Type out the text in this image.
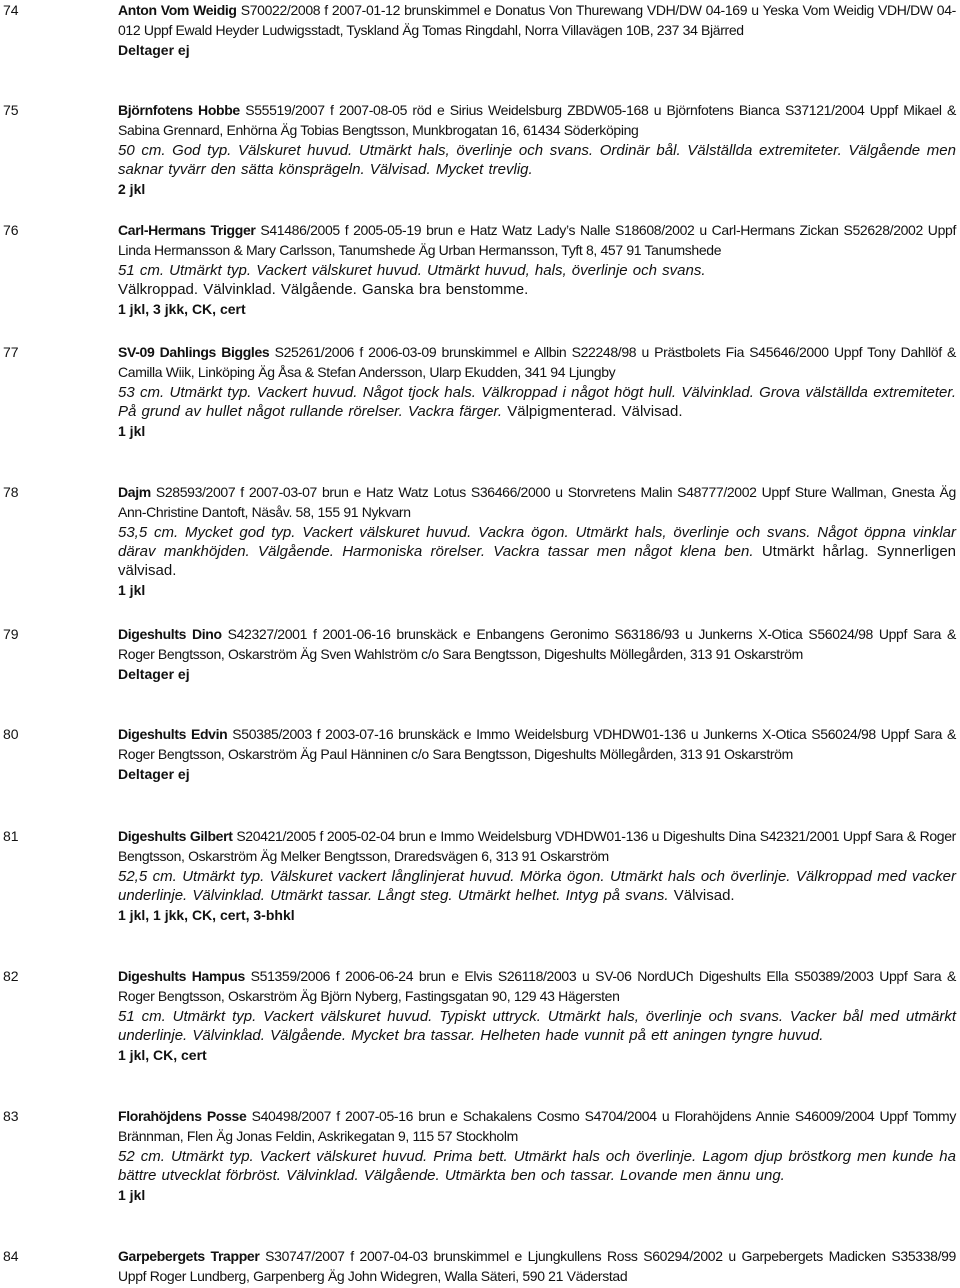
74	Anton Vom Weidig S70022/2008 f 2007-01-12 brunskimmel e Donatus Von Thurewang VDH/DW 04-169 u Yeska Vom Weidig VDH/DW 04-012 Uppf Ewald Heyder Ludwigsstadt, Tyskland Äg Tomas Ringdahl, Norra Villavägen 10B, 237 34 Bjärred
Deltager ej
75	Björnfotens Hobbe S55519/2007 f 2007-08-05 röd e Sirius Weidelsburg ZBDW05-168 u Björnfotens Bianca S37121/2004 Uppf Mikael & Sabina Grennard, Enhörna Äg Tobias Bengtsson, Munkbrogatan 16, 61434 Söderköping
50 cm. God typ. Välskuret huvud. Utmärkt hals, överlinje och svans. Ordinär bål. Välställda extremiteter. Välgående men saknar tyvärr den sätta könsprägeln. Välvisad. Mycket trevlig.
2 jkl
76	Carl-Hermans Trigger S41486/2005 f 2005-05-19 brun e Hatz Watz Lady’s Nalle S18608/2002 u Carl-Hermans Zickan S52628/2002 Uppf Linda Hermansson & Mary Carlsson, Tanumshede Äg Urban Hermansson, Tyft 8, 457 91 Tanumshede
51 cm. Utmärkt typ. Vackert välskuret huvud. Utmärkt huvud, hals, överlinje och svans.
Välkroppad. Välvinklad. Välgående. Ganska bra benstomme.
1 jkl, 3 jkk, CK, cert
77	SV-09 Dahlings Biggles S25261/2006 f 2006-03-09 brunskimmel e Allbin S22248/98 u Prästbolets Fia S45646/2000 Uppf Tony Dahllöf & Camilla Wiik, Linköping Äg Åsa & Stefan Andersson, Ularp Ekudden, 341 94 Ljungby
53 cm. Utmärkt typ. Vackert huvud. Något tjock hals. Välkroppad i något högt hull. Välvinklad. Grova välställda extremiteter. På grund av hullet något rullande rörelser. Vackra färger. Välpigmenterad. Välvisad.
1 jkl
78	Dajm S28593/2007 f 2007-03-07 brun e Hatz Watz Lotus S36466/2000 u Storvretens Malin S48777/2002 Uppf Sture Wallman, Gnesta Äg Ann-Christine Dantoft, Näsåv. 58, 155 91 Nykvarn
53,5 cm. Mycket god typ. Vackert välskuret huvud. Vackra ögon. Utmärkt hals, överlinje och svans. Något öppna vinklar därav mankhöjden. Välgående. Harmoniska rörelser. Vackra tassar men något klena ben. Utmärkt hårlag. Synnerligen välvisad.
1 jkl
79	Digeshults Dino S42327/2001 f 2001-06-16 brunskäck e Enbangens Geronimo S63186/93 u Junkerns X-Otica S56024/98 Uppf Sara & Roger Bengtsson, Oskarström Äg Sven Wahlström c/o Sara Bengtsson, Digeshults Möllegården, 313 91 Oskarström
Deltager ej
80	Digeshults Edvin S50385/2003 f 2003-07-16 brunskäck e Immo Weidelsburg VDHDW01-136 u Junkerns X-Otica S56024/98 Uppf Sara & Roger Bengtsson, Oskarström Äg Paul Hänninen c/o Sara Bengtsson, Digeshults Möllegården, 313 91 Oskarström
Deltager ej
81	Digeshults Gilbert S20421/2005 f 2005-02-04 brun e Immo Weidelsburg VDHDW01-136 u Digeshults Dina S42321/2001 Uppf Sara & Roger Bengtsson, Oskarström Äg Melker Bengtsson, Draredsvägen 6, 313 91 Oskarström
52,5 cm. Utmärkt typ. Välskuret vackert långlinjerat huvud. Mörka ögon. Utmärkt hals och överlinje. Välkroppad med vacker underlinje. Välvinklad. Utmärkt tassar. Långt steg. Utmärkt helhet. Intyg på svans. Välvisad.
1 jkl, 1 jkk, CK, cert, 3-bhkl
82	Digeshults Hampus S51359/2006 f 2006-06-24 brun e Elvis S26118/2003 u SV-06 NordUCh Digeshults Ella S50389/2003 Uppf Sara & Roger Bengtsson, Oskarström Äg Björn Nyberg, Fastingsgatan 90, 129 43 Hägersten
51 cm. Utmärkt typ. Vackert välskuret huvud. Typiskt uttryck. Utmärkt hals, överlinje och svans. Vacker bål med utmärkt underlinje. Välvinklad. Välgående. Mycket bra tassar. Helheten hade vunnit på ett aningen tyngre huvud.
1 jkl, CK, cert
83	Florahöjdens Posse S40498/2007 f 2007-05-16 brun e Schakalens Cosmo S4704/2004 u Florahöjdens Annie S46009/2004 Uppf Tommy Brännman, Flen Äg Jonas Feldin, Askrikegatan 9, 115 57 Stockholm
52 cm. Utmärkt typ. Vackert välskuret huvud. Prima bett. Utmärkt hals och överlinje. Lagom djup bröstkorg men kunde ha bättre utvecklat förbröst. Välvinklad. Välgående. Utmärkta ben och tassar. Lovande men ännu ung.
1 jkl
84	Garpebergets Trapper S30747/2007 f 2007-04-03 brunskimmel e Ljungkullens Ross S60294/2002 u Garpebergets Madicken S35338/99 Uppf Roger Lundberg, Garpenberg Äg John Widegren, Walla Säteri, 590 21 Väderstad
